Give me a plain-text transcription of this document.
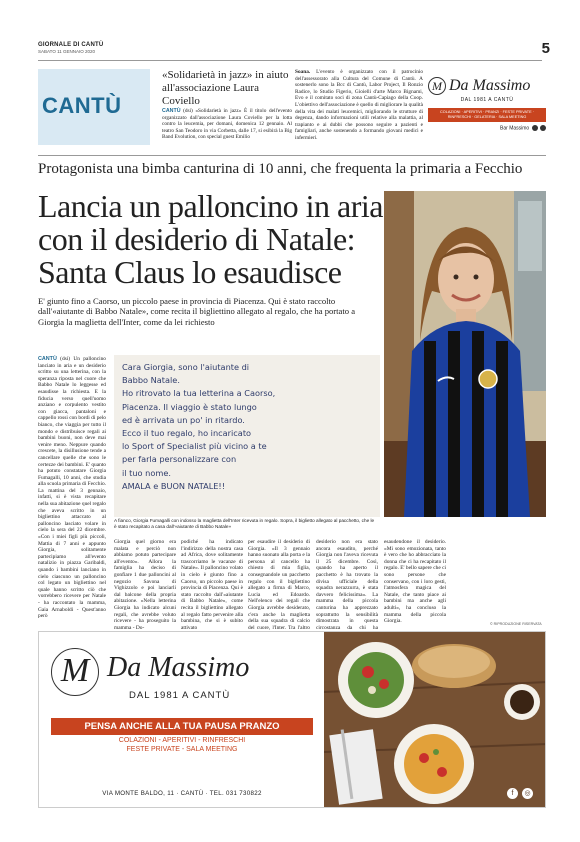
GIORNALE DI CANTÙ
SABATO 11 GENNAIO 2020	5
CANTÙ
«Solidarietà in jazz» in aiuto all'associazione Laura Coviello
CANTÙ (dsi) «Solidarietà in jazz» È il titolo dell'evento organizzato dall'associazione Laura Coviello per la lotta contro la leucemia, per domani, domenica 12 gennaio. Al teatro San Teodoro in via Corbetta, dalle 17, si esibirà la Big Band Evolution, con special guest Emilio
Soana. L'evento è organizzato con il patrocinio dell'assessorato alla Cultura del Comune di Cantù. A sostenerlo sono la Bcc di Cantù, Labor Project, Il Ronzio Radice, lo Studio Figerio, Gioielli d'arte Marco Bignami, Evo e il comitato soci di zona Cantù-Capiago della Coop. L'obiettivo dell'associazione è quello di migliorare la qualità della vita dei malati leucemici, migliorando le strutture di degenza, dando informazioni utili relative alla malattia, al trapianto e ai dubbi che possono seguire a pazienti e famigliari, anche sostenendo a formando giovani medici e infermieri.
M Da Massimo
DAL 1981 A CANTÙ
COLAZIONI · APERITIVI · PRANZI · FESTE PRIVATE · RINFRESCHI · GELATERIA · SALA MEETING
Bar Massimo
Protagonista una bimba canturina di 10 anni, che frequenta la primaria a Fecchio
Lancia un palloncino in aria con il desiderio di Natale: Santa Claus lo esaudisce
E' giunto fino a Caorso, un piccolo paese in provincia di Piacenza. Qui è stato raccolto dall'«aiutante di Babbo Natale», come recita il bigliettino allegato al regalo, che ha portato a Giorgia la maglietta dell'Inter, come da lei richiesto
CANTÙ (dsi) Un palloncino lanciato in aria e un desiderio scritto su una letterina, con la speranza riposta nel cuore che Babbo Natale lo leggesse ed esaudisse la richiesta. E la fiducia verso quell'uomo anziano e corpulento vestito con giacca, pantaloni e cappello rossi con bordi di pelo bianco, che viaggia per tutto il mondo e distribuisce regali ai bambini buoni, non deve mai venire meno. Neppure quando crescete, la disillusione tende a cancellare quelle che sono le certezze dei bambini. E' quanto ha potuto constatare Giorgia Fumagalli, 10 anni, che studia alla scuola primaria di Fecchio. La mattina del 3 gennaio, infatti, si è vista recapitare nella sua abitazione quel regalo che aveva scritto in un bigliettino attaccato al palloncino lasciato volare in cielo la sera del 22 dicembre. «Con i miei figli più piccoli, Mattia di 7 anni e appunto Giorgia, solitamente partecipiamo all'evento natalizio in piazza Garibaldi, quando i bambini lanciano in cielo ciascuno un palloncino col legato un bigliettino nel quale hanno scritto ciò che vorrebbero ricevere per Natale - ha raccontato la mamma, Gaia Arnaboldi - Quest'anno però
Cara Giorgia, sono l'aiutante di
Babbo Natale.
Ho ritrovato la tua letterina a Caorso,
Piacenza. Il viaggio è stato lungo
ed è arrivata un po' in ritardo.
Ecco il tuo regalo, ho incaricato
lo Sport of Specialist più vicino a te
per farla personalizzare con
il tuo nome.
AMALA e BUON NATALE!!
A fianco, Giorgia Fumagalli con indosso la maglietta dell'Inter ricevuta in regalo. Sopra, il biglietto allegato al pacchetto, che le è stato recapitato a casa dall'«aiutante di Babbo Natale»
Giorgia quel giorno era malata e perciò non abbiamo potuto partecipare all'evento». Allora la famiglia ha deciso di gonfiare 1 due palloncini al negozio Savona di Vighizzolo e poi lanciarli dal balcone della propria abitazione. «Nella letterina Giorgia ha indicato alcuni regali, che avrebbe voluto ricevere - ha proseguito la mamma - Do-
podiché ha indicato l'indirizzo della nostra casa ad Africa, dove solitamente trascorriamo le vacanze di Natale». Il palloncino volato in cielo è giunto fino a Caorso, un piccolo paese in provincia di Piacenza. Qui è stato raccolto dall'«aiutante di Babbo Natale», come recita il bigliettino allegato al regalo fatto pervenire alla bambina, che si è subito attivato
per esaudire il desiderio di Giorgia. «Il 3 gennaio hanno suonato alla porta e la persona al cancello ha chiesto di mia figlia, consegnandole un pacchetto regalo con il bigliettino allegato a firma di Marco, Lucia ed Edoardo. Nell'elenco dei regali che Giorgia avrebbe desiderato, c'era anche la maglietta della sua squadra di calcio del cuore, l'Inter. Tra l'altro
desiderio non era stato ancora esaudito, perché Giorgia non l'aveva ricevuta il 25 dicembre. Così, quando ha aperto il pacchetto è ha trovato la divisa ufficiale della squadra nerazzurra, è stata davvero felicissima». La mamma della piccola canturina ha apprezzato soprattutto la sensibilità dimostrata in questa circostanza da chi ha
esaudendone il desiderio. «Mi sono emozionata, tanto è vero che ho abbracciato la donna che ci ha recapitato il regalo. E' bello sapere che ci sono persone che conservano, con i loro gesti, l'atmosfera magica del Natale, che tanto piace ai bambini ma anche agli adulti», ha concluso la mamma della piccola Giorgia.	© RIPRODUZIONE RISERVATA
M Da Massimo
DAL 1981 A CANTÙ
PENSA ANCHE ALLA TUA PAUSA PRANZO
COLAZIONI - APERITIVI - RINFRESCHI
FESTE PRIVATE - SALA MEETING
VIA MONTE BALDO, 11 · CANTÙ · TEL. 031 730822	f	◎
